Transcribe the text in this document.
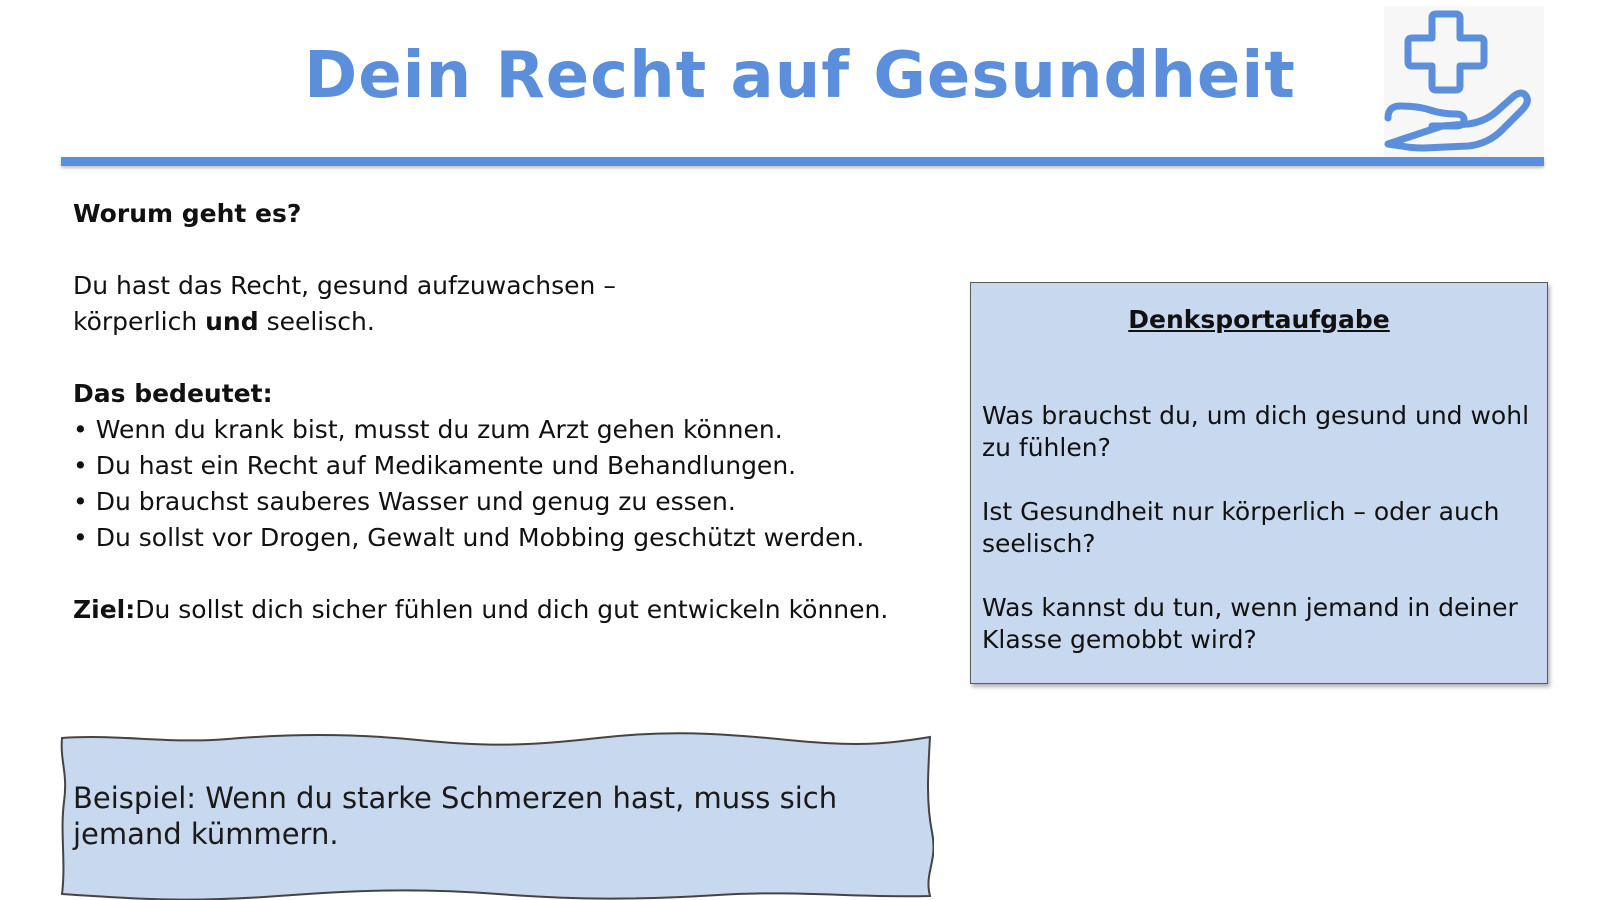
Dein Recht auf Gesundheit

Worum geht es?

Du hast das Recht, gesund aufzuwachsen –

körperlich und seelisch.

Das bedeutet:

• Wenn du krank bist, musst du zum Arzt gehen können.
• Du hast ein Recht auf Medikamente und Behandlungen.
• Du brauchst sauberes Wasser und genug zu essen.
• Du sollst vor Drogen, Gewalt und Mobbing geschützt werden.

Ziel:Du sollst dich sicher fühlen und dich gut entwickeln können.

Denksportaufgabe
Was brauchst du, um dich gesund und wohl zu fühlen?
Ist Gesundheit nur körperlich – oder auch seelisch?
Was kannst du tun, wenn jemand in deiner Klasse gemobbt wird?
Beispiel: Wenn du starke Schmerzen hast, muss sich jemand kümmern.
